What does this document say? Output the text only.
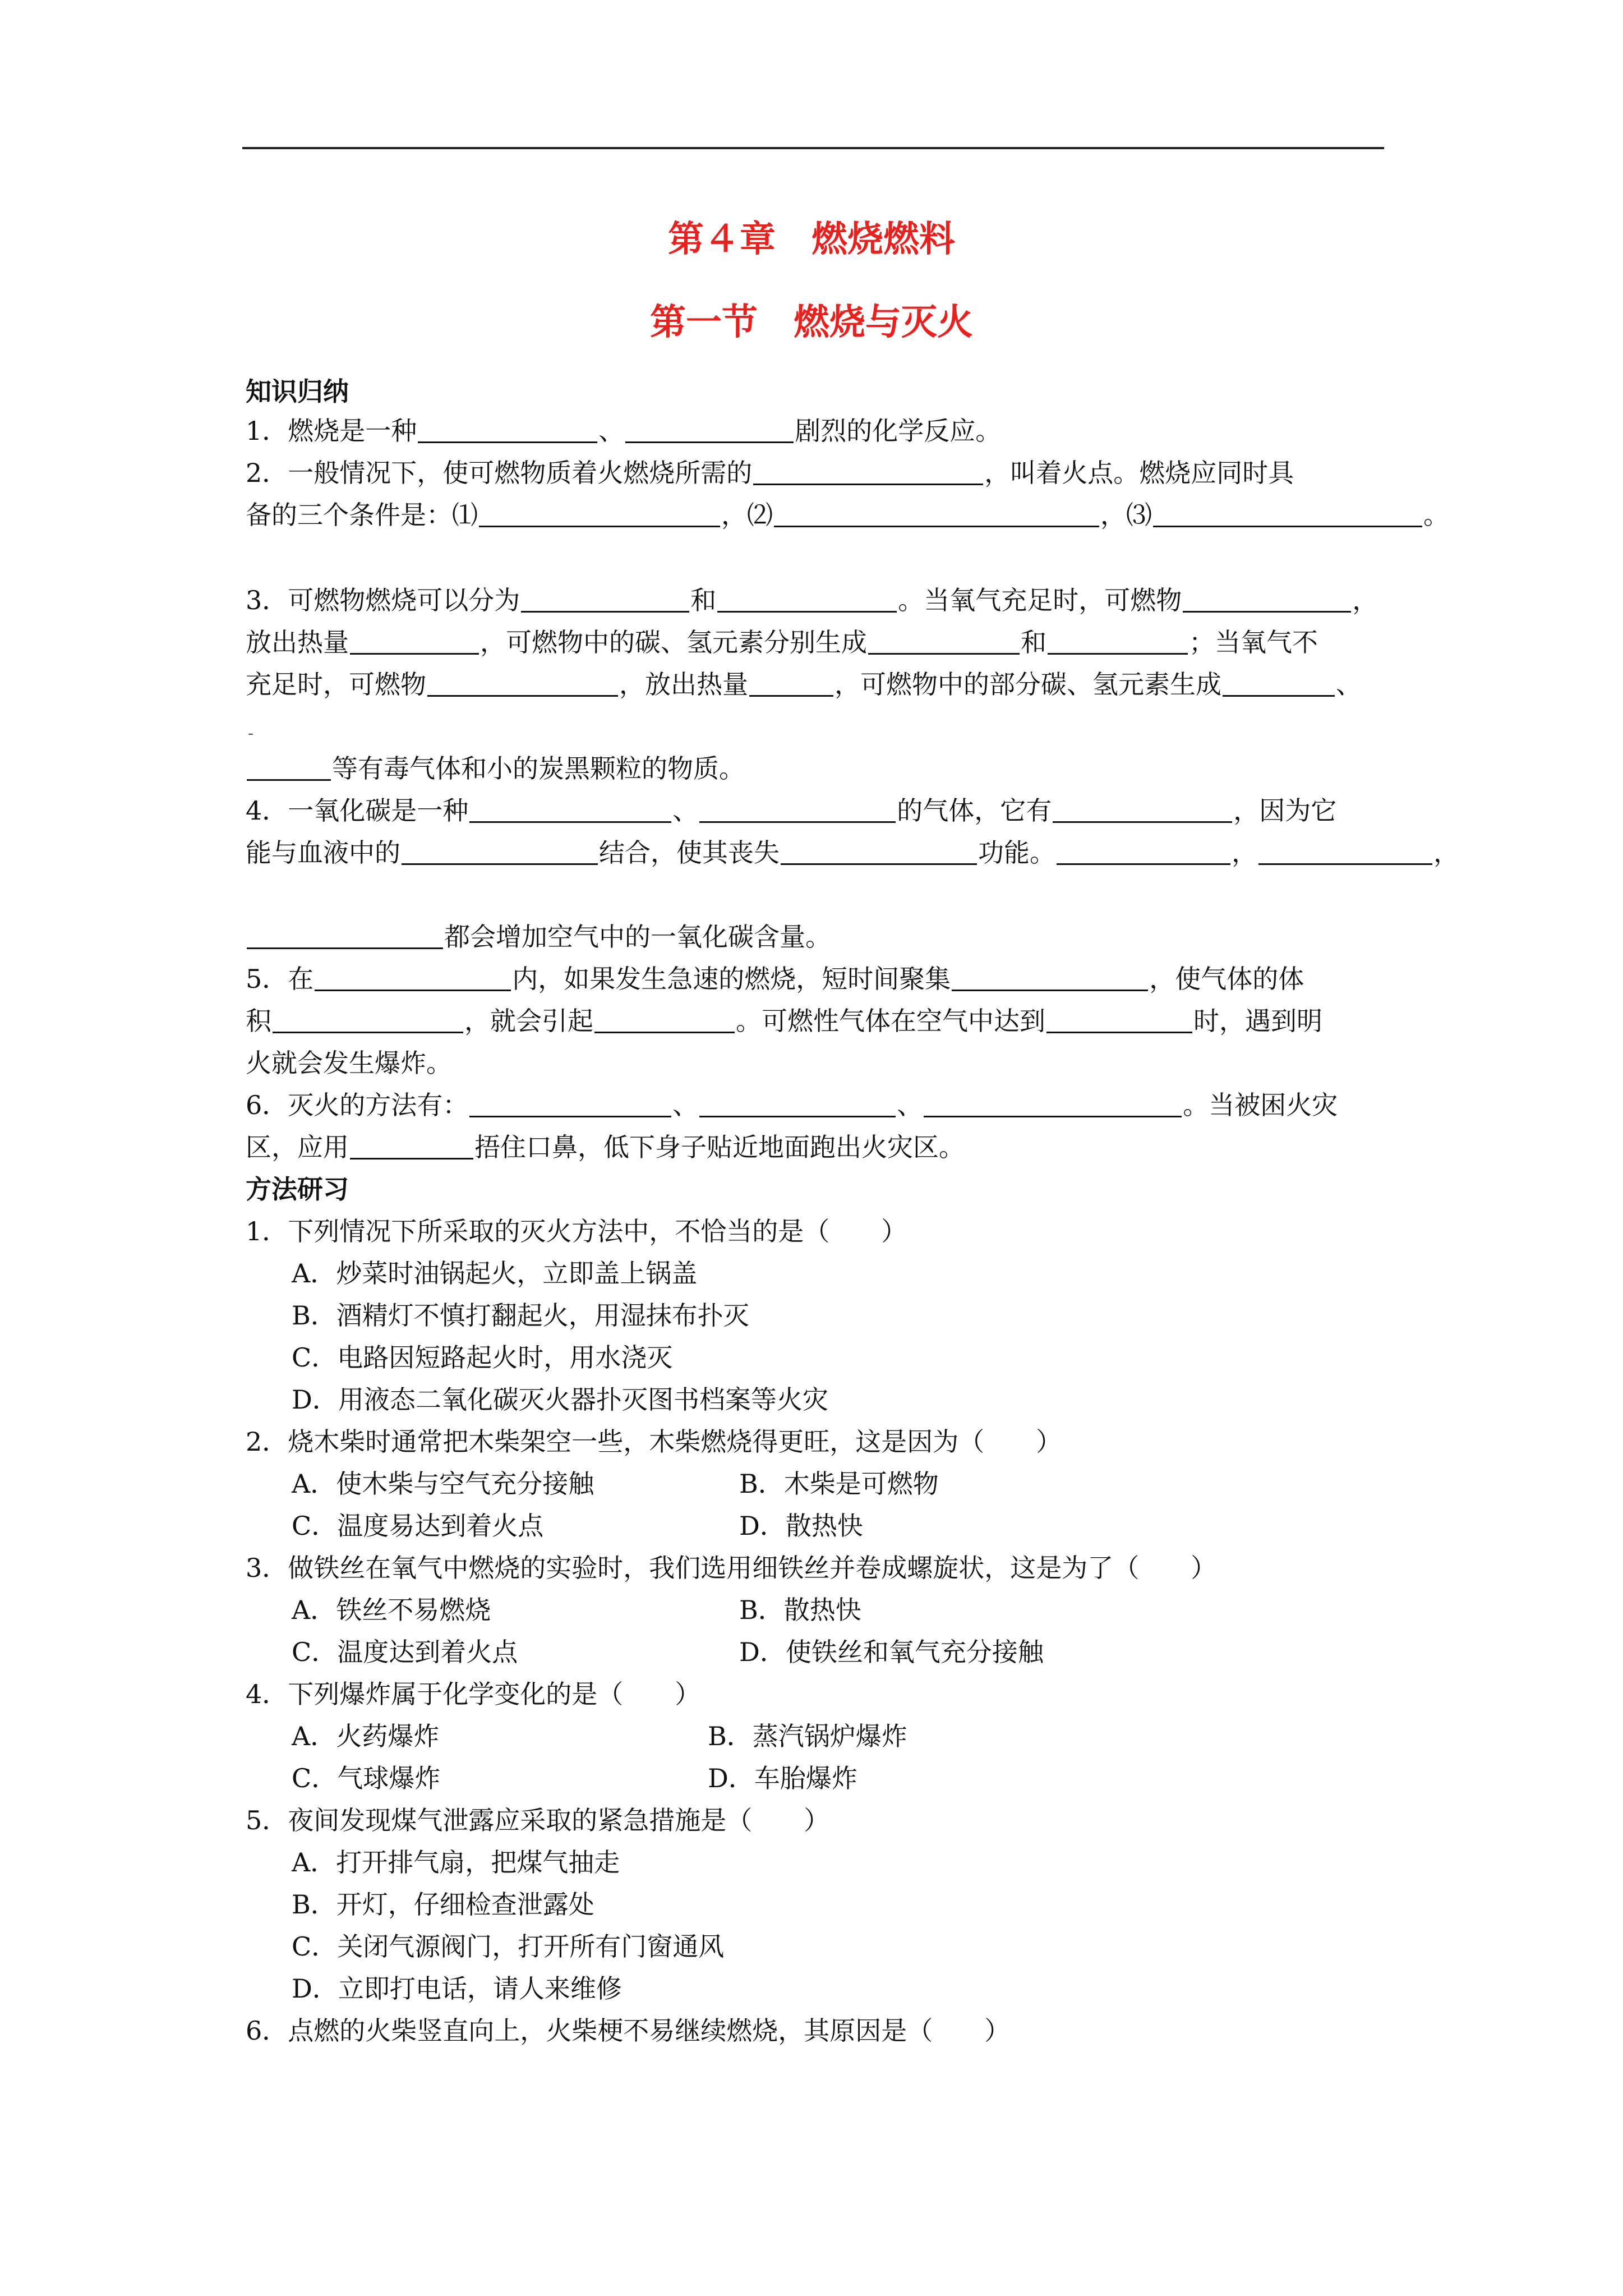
第４章　燃烧燃料
第一节　燃烧与灭火
知识归纳
1．燃烧是一种	、	剧烈的化学反应。
2．一般情况下，使可燃物质着火燃烧所需的	，叫着火点。燃烧应同时具
备的三个条件是：⑴	，⑵	，⑶	。
3．可燃物燃烧可以分为	和	。当氧气充足时，可燃物	，
放出热量	，可燃物中的碳、氢元素分别生成	和	；当氧气不
充足时，可燃物	，放出热量	，可燃物中的部分碳、氢元素生成	、
-
等有毒气体和小的炭黑颗粒的物质。
4．一氧化碳是一种	、	的气体，它有	，因为它
能与血液中的	结合，使其丧失	功能。	，	，
都会增加空气中的一氧化碳含量。
5．在	内，如果发生急速的燃烧，短时间聚集	，使气体的体
积	，就会引起	。可燃性气体在空气中达到	时，遇到明
火就会发生爆炸。
6．灭火的方法有：	、	、	。当被困火灾
区，应用	捂住口鼻，低下身子贴近地面跑出火灾区。
方法研习
1．下列情况下所采取的灭火方法中，不恰当的是（　　）
A．炒菜时油锅起火，立即盖上锅盖
B．酒精灯不慎打翻起火，用湿抹布扑灭
C．电路因短路起火时，用水浇灭
D．用液态二氧化碳灭火器扑灭图书档案等火灾
2．烧木柴时通常把木柴架空一些，木柴燃烧得更旺，这是因为（　　）
A．使木柴与空气充分接触	B．木柴是可燃物
C．温度易达到着火点	D．散热快
3．做铁丝在氧气中燃烧的实验时，我们选用细铁丝并卷成螺旋状，这是为了（　　）
A．铁丝不易燃烧	B．散热快
C．温度达到着火点	D．使铁丝和氧气充分接触
4．下列爆炸属于化学变化的是（　　）
A．火药爆炸	B．蒸汽锅炉爆炸
C．气球爆炸	D．车胎爆炸
5．夜间发现煤气泄露应采取的紧急措施是（　　）
A．打开排气扇，把煤气抽走
B．开灯，仔细检查泄露处
C．关闭气源阀门，打开所有门窗通风
D．立即打电话，请人来维修
6．点燃的火柴竖直向上，火柴梗不易继续燃烧，其原因是（　　）
